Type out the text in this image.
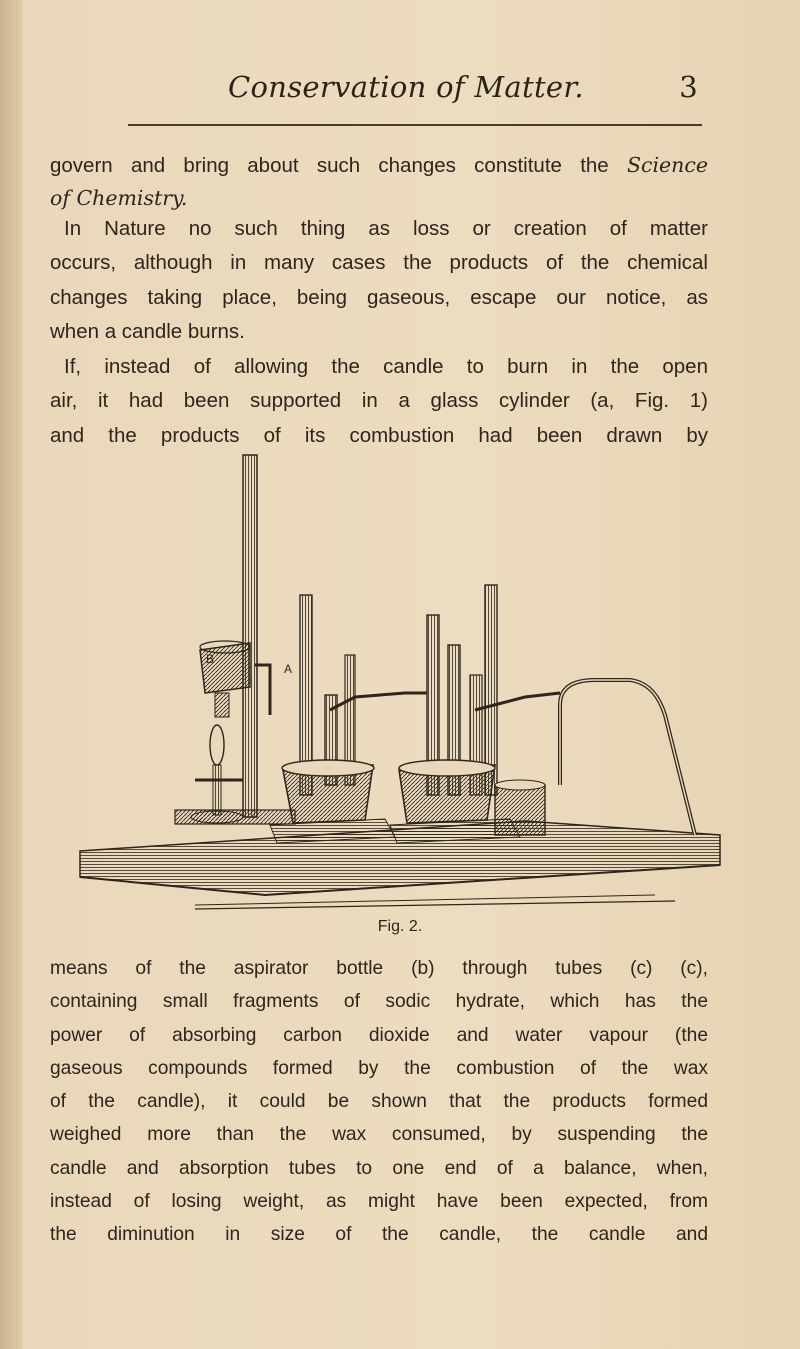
Conservation of Matter.	3

govern and bring about such changes constitute the Science

of Chemistry.

In Nature no such thing as loss or creation of matter

occurs, although in many cases the products of the chemical

changes taking place, being gaseous, escape our notice, as

when a candle burns.

If, instead of allowing the candle to burn in the open

air, it had been supported in a glass cylinder (a, Fig. 1)

and the products of its combustion had been drawn by

B
A
Fig. 2.

means of the aspirator bottle (b) through tubes (c) (c),

containing small fragments of sodic hydrate, which has the

power of absorbing carbon dioxide and water vapour (the

gaseous compounds formed by the combustion of the wax

of the candle), it could be shown that the products formed

weighed more than the wax consumed, by suspending the

candle and absorption tubes to one end of a balance, when,

instead of losing weight, as might have been expected, from

the diminution in size of the candle, the candle and
